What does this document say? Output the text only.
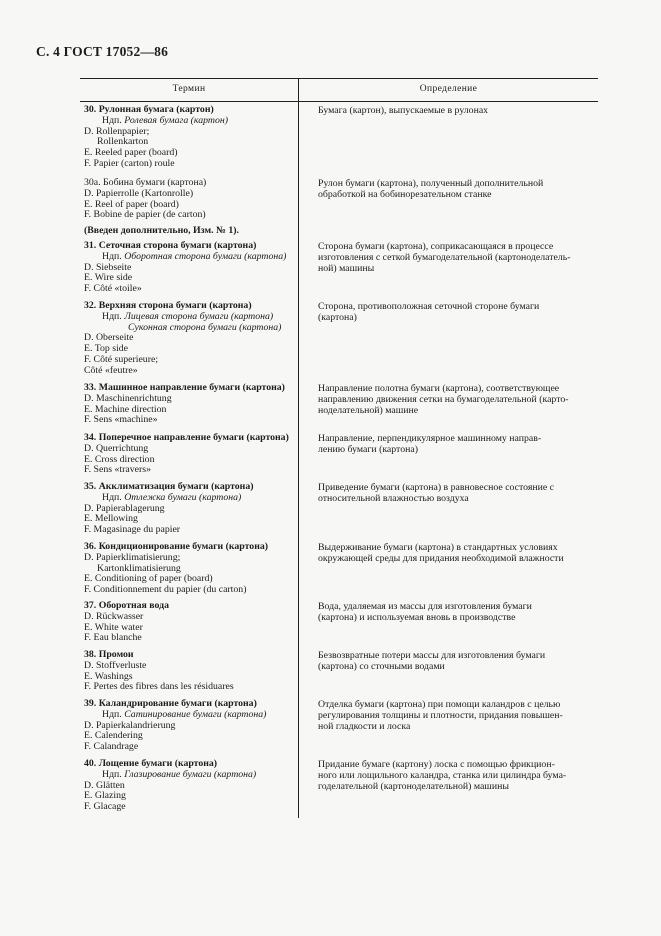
С. 4 ГОСТ 17052—86
Термин	Определение
30. Рулонная бумага (картон)
Ндп. Ролевая бумага (картон)
D. Rollenpapier;
Rollenkarton
E. Reeled paper (board)
F. Papier (carton) roule
Бумага (картон), выпускаемые в рулонах
30а. Бобина бумаги (картона)
D. Papierrolle (Kartonrolle)
E. Reel of paper (board)
F. Bobine de papier (de carton)
Рулон бумаги (картона), полученный дополнительной
обработкой на бобинорезательном станке
(Введен дополнительно, Изм. № 1).
31. Сеточная сторона бумаги (картона)
Ндп. Оборотная сторона бумаги (картона)
D. Siebseite
E. Wire side
F. Côté «toile»
Сторона бумаги (картона), соприкасающаяся в процессе
изготовления с сеткой бумагоделательной (картоноделатель-
ной) машины
32. Верхняя сторона бумаги (картона)
Ндп. Лицевая сторона бумаги (картона)
Суконная сторона бумаги (картона)
D. Oberseite
E. Top side
F. Côté superieure;
Côté «feutre»
Сторона, противоположная сеточной стороне бумаги
(картона)
33. Машинное направление бумаги (картона)
D. Maschinenrichtung
E. Machine direction
F. Sens «machine»
Направление полотна бумаги (картона), соответствующее
направлению движения сетки на бумагоделательной (карто-
ноделательной) машине
34. Поперечное направление бумаги (картона)
D. Querrichtung
E. Cross direction
F. Sens «travers»
Направление, перпендикулярное машинному направ-
лению бумаги (картона)
35. Акклиматизация бумаги (картона)
Ндп. Отлежка бумаги (картона)
D. Papierablagerung
E. Mellowing
F. Magasinage du papier
Приведение бумаги (картона) в равновесное состояние с
относительной влажностью воздуха
36. Кондиционирование бумаги (картона)
D. Papierklimatisierung;
Kartonklimatisierung
E. Conditioning of paper (board)
F. Conditionnement du papier (du carton)
Выдерживание бумаги (картона) в стандартных условиях
окружающей среды для придания необходимой влажности
37. Оборотная вода
D. Rückwasser
E. White water
F. Eau blanche
Вода, удаляемая из массы для изготовления бумаги
(картона) и используемая вновь в производстве
38. Промои
D. Stoffverluste
E. Washings
F. Pertes des fibres dans les résiduares
Безвозвратные потери массы для изготовления бумаги
(картона) со сточными водами
39. Каландрирование бумаги (картона)
Ндп. Сатинирование бумаги (картона)
D. Papierkalandrierung
E. Calendering
F. Calandrage
Отделка бумаги (картона) при помощи каландров с целью
регулирования толщины и плотности, придания повышен-
ной гладкости и лоска
40. Лощение бумаги (картона)
Ндп. Глазирование бумаги (картона)
D. Glätten
E. Glazing
F. Glacage
Придание бумаге (картону) лоска с помощью фрикцион-
ного или лощильного каландра, станка или цилиндра бума-
годелательной (картоноделательной) машины
